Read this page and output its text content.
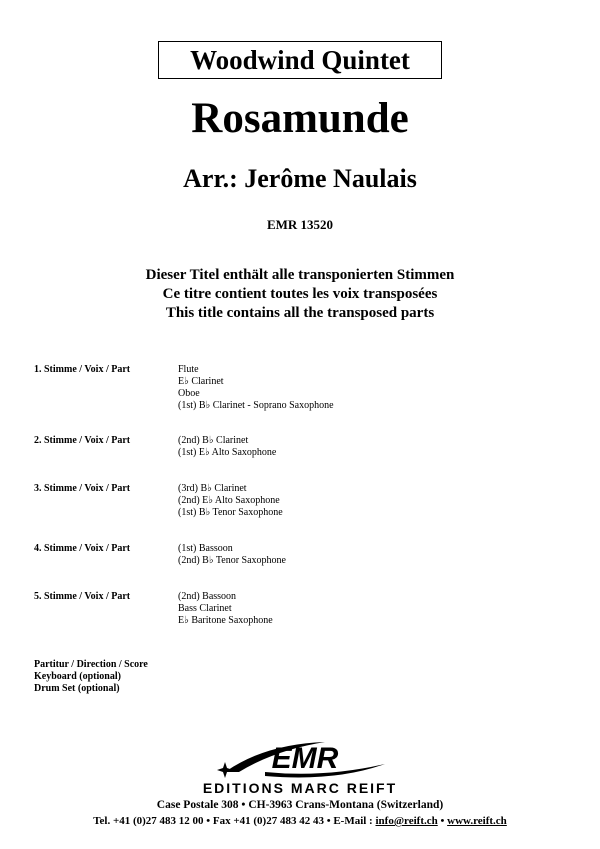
Woodwind Quintet
Rosamunde
Arr.: Jerôme Naulais
EMR 13520
Dieser Titel enthält alle transponierten Stimmen
Ce titre contient toutes les voix transposées
This title contains all the transposed parts
1. Stimme / Voix / Part	Flute
E♭ Clarinet
Oboe
(1st) B♭ Clarinet - Soprano Saxophone
2. Stimme / Voix / Part	(2nd) B♭ Clarinet
(1st) E♭ Alto Saxophone
3. Stimme / Voix / Part	(3rd) B♭ Clarinet
(2nd) E♭ Alto Saxophone
(1st) B♭ Tenor Saxophone
4. Stimme / Voix / Part	(1st) Bassoon
(2nd) B♭ Tenor Saxophone
5. Stimme / Voix / Part	(2nd) Bassoon
Bass Clarinet
E♭ Baritone Saxophone
Partitur / Direction / Score
Keyboard (optional)
Drum Set (optional)
EMR
EDITIONS MARC REIFT
Case Postale 308 • CH-3963 Crans-Montana (Switzerland)
Tel. +41 (0)27 483 12 00 • Fax +41 (0)27 483 42 43 • E-Mail : info@reift.ch • www.reift.ch
